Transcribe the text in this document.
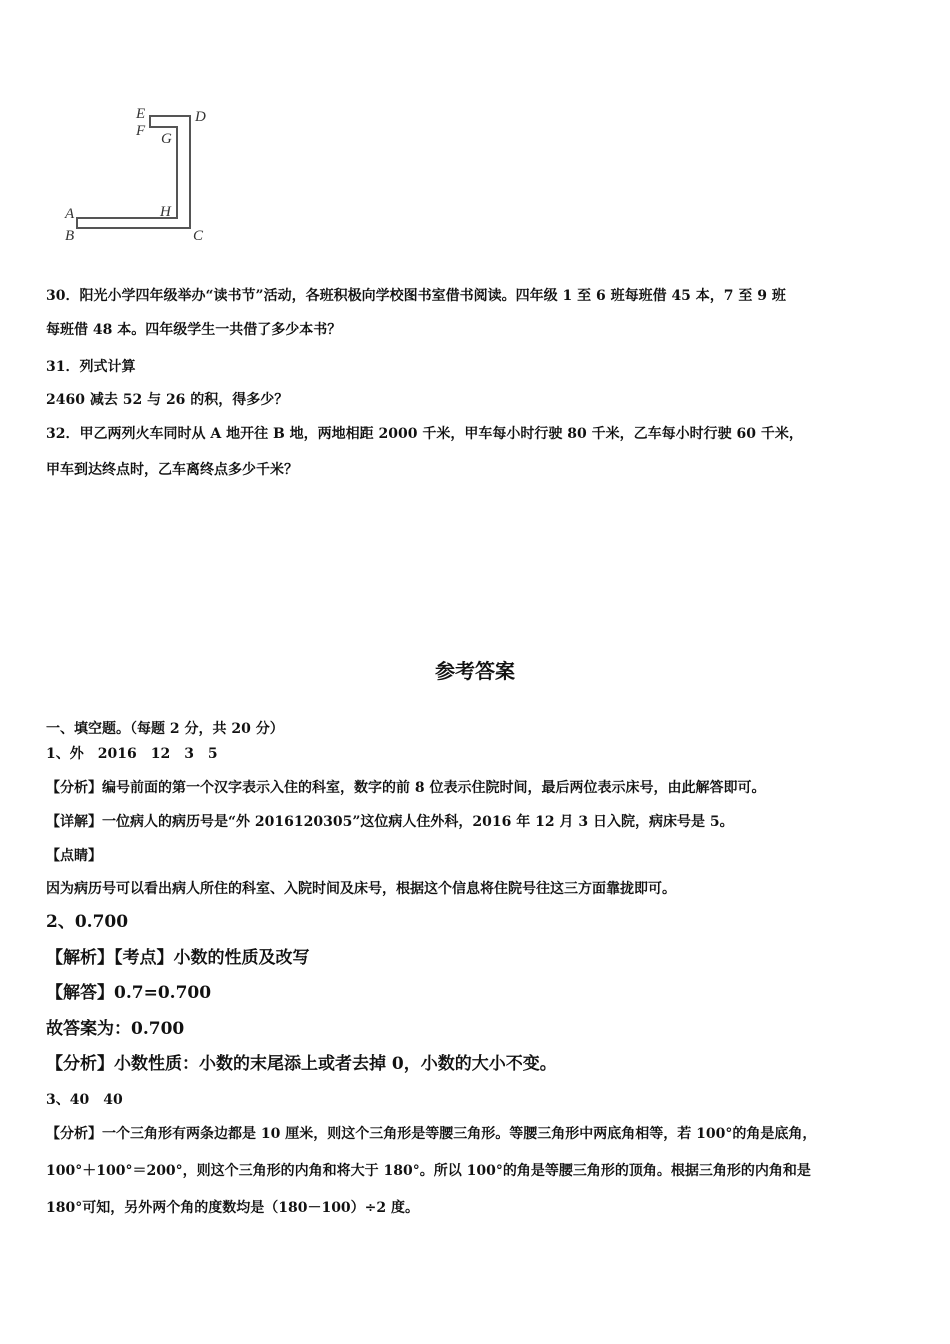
E
F G
D
A
B
H
C
30．阳光小学四年级举办“读书节”活动，各班积极向学校图书室借书阅读。四年级 1 至 6 班每班借 45 本，7 至 9 班
每班借 48 本。四年级学生一共借了多少本书？
31．列式计算
2460 减去 52 与 26 的积，得多少？
32．甲乙两列火车同时从 A 地开往 B 地，两地相距 2000 千米，甲车每小时行驶 80 千米，乙车每小时行驶 60 千米，
甲车到达终点时，乙车离终点多少千米？
参考答案
一、填空题。（每题 2 分，共 20 分）
1、外　2016　12　3　5
【分析】编号前面的第一个汉字表示入住的科室，数字的前 8 位表示住院时间，最后两位表示床号，由此解答即可。
【详解】一位病人的病历号是“外 2016120305”这位病人住外科，2016 年 12 月 3 日入院，病床号是 5。
【点睛】
因为病历号可以看出病人所住的科室、入院时间及床号，根据这个信息将住院号往这三方面靠拢即可。
2、0.700
【解析】【考点】小数的性质及改写
【解答】0.7=0.700
故答案为：0.700
【分析】小数性质：小数的末尾添上或者去掉 0，小数的大小不变。
3、40　40
【分析】一个三角形有两条边都是 10 厘米，则这个三角形是等腰三角形。等腰三角形中两底角相等，若 100°的角是底角，
100°＋100°＝200°，则这个三角形的内角和将大于 180°。所以 100°的角是等腰三角形的顶角。根据三角形的内角和是
180°可知，另外两个角的度数均是（180－100）÷2 度。
